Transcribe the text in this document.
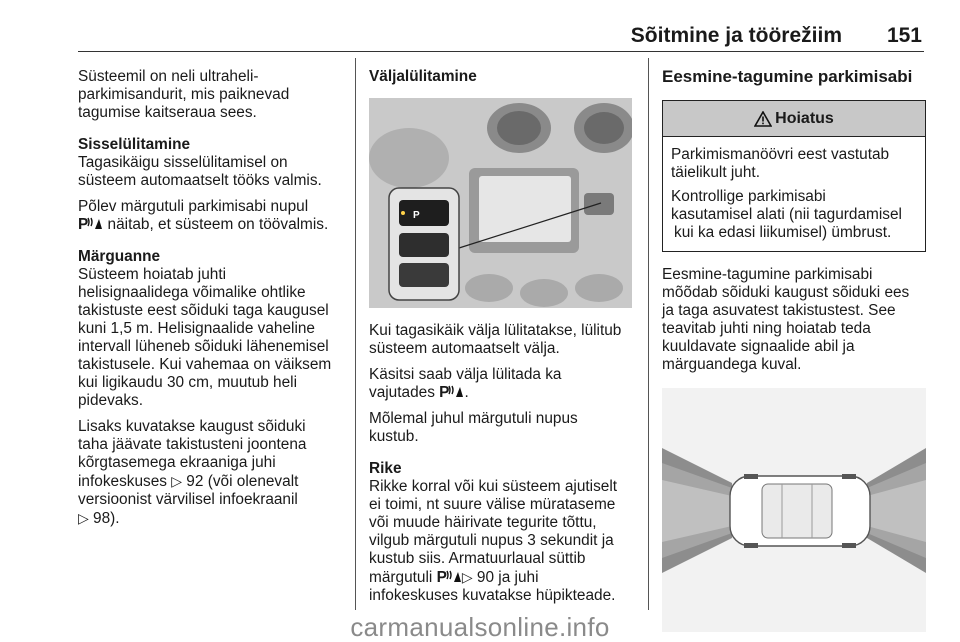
Sõitmine ja töörežiim 151

Süsteemil on neli ultraheli-

parkimisandurit, mis paiknevad

tagumise kaitseraua sees.

Sisselülitamine

Tagasikäigu sisselülitamisel on

süsteem automaatselt tööks valmis.

Põlev märgutuli parkimisabi nupul

P näitab, et süsteem on töövalmis.

Märguanne

Süsteem hoiatab juhti

helisignaalidega võimalike ohtlike

takistuste eest sõiduki taga kaugusel

kuni 1,5 m. Helisignaalide vaheline

intervall lüheneb sõiduki lähenemisel

takistusele. Kui vahemaa on väiksem

kui ligikaudu 30 cm, muutub heli

pidevaks.

Lisaks kuvatakse kaugust sõiduki

taha jäävate takistusteni joontena

kõrgtasemega ekraaniga juhi

infokeskuses ▷ 92 (või olenevalt

versioonist värvilisel infoekraanil

▷ 98).

Väljalülitamine

P

Kui tagasikäik välja lülitatakse, lülitub

süsteem automaatselt välja.

Käsitsi saab välja lülitada ka

vajutades P .

Mõlemal juhul märgutuli nupus

kustub.

Rike

Rikke korral või kui süsteem ajutiselt

ei toimi, nt suure välise mürataseme

või muude häirivate tegurite tõttu,

vilgub märgutuli nupus 3 sekundit ja

kustub siis. Armatuurlaual süttib

märgutuli P ▷ 90 ja juhi

infokeskuses kuvatakse hüpikteade.

Eesmine-tagumine parkimisabi

Hoiatus

Parkimismanöövri eest vastutab

täielikult juht.

Kontrollige parkimisabi

kasutamisel alati (nii tagurdamisel

kui ka edasi liikumisel) ümbrust.

Eesmine-tagumine parkimisabi

mõõdab sõiduki kaugust sõiduki ees

ja taga asuvatest takistustest. See

teavitab juhti ning hoiatab teda

kuuldavate signaalide abil ja

märguandega kuval.

carmanualsonline.info
